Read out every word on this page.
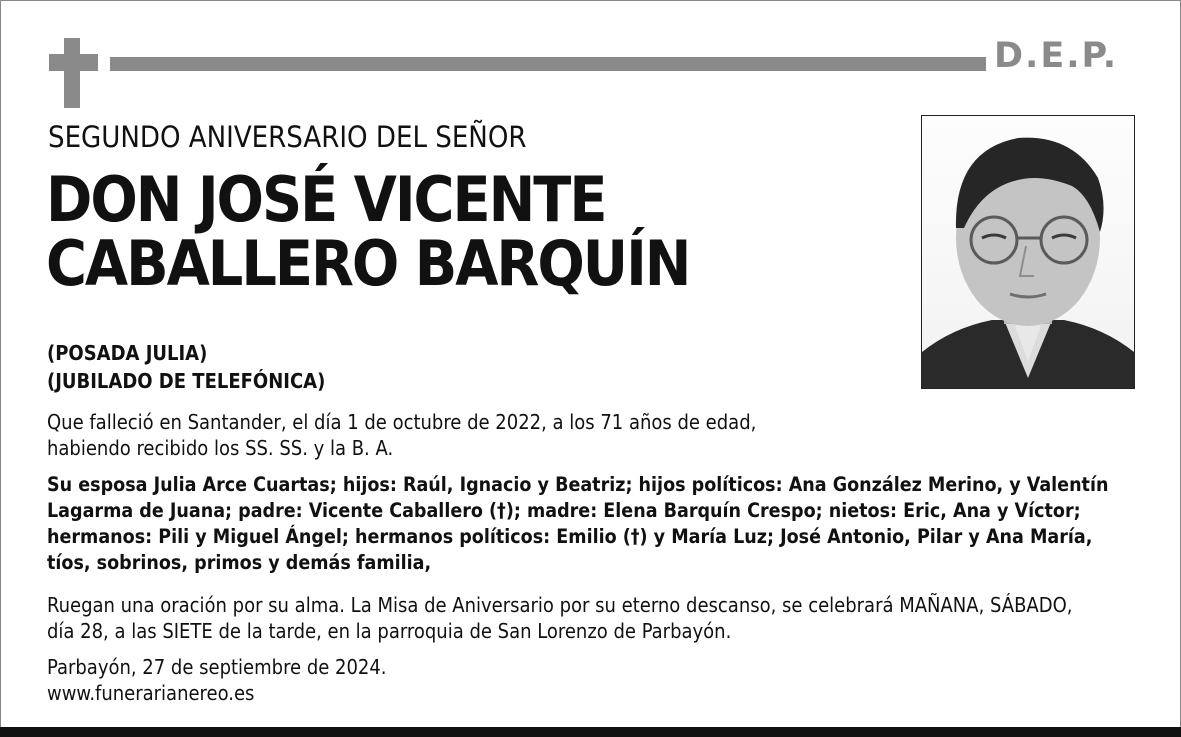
D.E.P.
SEGUNDO ANIVERSARIO DEL SEÑOR
DON JOSÉ VICENTE
CABALLERO BARQUÍN
(POSADA JULIA)
(JUBILADO DE TELEFÓNICA)
Que falleció en Santander, el día 1 de octubre de 2022, a los 71 años de edad,
habiendo recibido los SS. SS. y la B. A.
Su esposa Julia Arce Cuartas; hijos: Raúl, Ignacio y Beatriz; hijos políticos: Ana González Merino, y Valentín
Lagarma de Juana; padre: Vicente Caballero (†); madre: Elena Barquín Crespo; nietos: Eric, Ana y Víctor;
hermanos: Pili y Miguel Ángel; hermanos políticos: Emilio (†) y María Luz; José Antonio, Pilar y Ana María,
tíos, sobrinos, primos y demás familia,
Ruegan una oración por su alma. La Misa de Aniversario por su eterno descanso, se celebrará MAÑANA, SÁBADO,
día 28, a las SIETE de la tarde, en la parroquia de San Lorenzo de Parbayón.
Parbayón, 27 de septiembre de 2024.
www.funerarianereo.es
